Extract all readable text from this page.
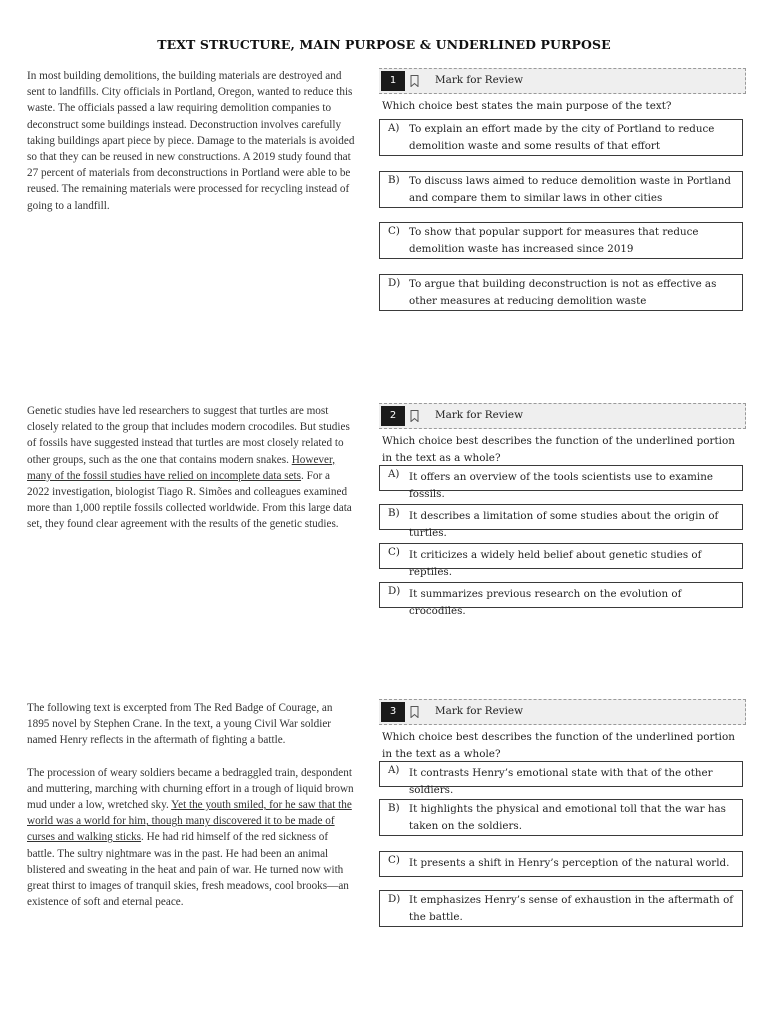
TEXT STRUCTURE, MAIN PURPOSE & UNDERLINED PURPOSE

In most building demolitions, the building materials are destroyed and sent to landfills. City officials in Portland, Oregon, wanted to reduce this waste. The officials passed a law requiring demolition companies to deconstruct some buildings instead. Deconstruction involves carefully taking buildings apart piece by piece. Damage to the materials is avoided so that they can be reused in new constructions. A 2019 study found that 27 percent of materials from deconstructions in Portland were able to be reused. The remaining materials were processed for recycling instead of going to a landfill.

1	Mark for Review
Which choice best states the main purpose of the text?
A) To explain an effort made by the city of Portland to reduce demolition waste and some results of that effort
B) To discuss laws aimed to reduce demolition waste in Portland and compare them to similar laws in other cities
C) To show that popular support for measures that reduce demolition waste has increased since 2019
D) To argue that building deconstruction is not as effective as other measures at reducing demolition waste

Genetic studies have led researchers to suggest that turtles are most closely related to the group that includes modern crocodiles. But studies of fossils have suggested instead that turtles are most closely related to other groups, such as the one that contains modern snakes. However, many of the fossil studies have relied on incomplete data sets. For a 2022 investigation, biologist Tiago R. Simões and colleagues examined more than 1,000 reptile fossils collected worldwide. From this large data set, they found clear agreement with the results of the genetic studies.

2	Mark for Review
Which choice best describes the function of the underlined portion in the text as a whole?
A) It offers an overview of the tools scientists use to examine fossils.
B) It describes a limitation of some studies about the origin of turtles.
C) It criticizes a widely held belief about genetic studies of reptiles.
D) It summarizes previous research on the evolution of crocodiles.

The following text is excerpted from The Red Badge of Courage, an 1895 novel by Stephen Crane. In the text, a young Civil War soldier named Henry reflects in the aftermath of fighting a battle.

The procession of weary soldiers became a bedraggled train, despondent and muttering, marching with churning effort in a trough of liquid brown mud under a low, wretched sky. Yet the youth smiled, for he saw that the world was a world for him, though many discovered it to be made of curses and walking sticks. He had rid himself of the red sickness of battle. The sultry nightmare was in the past. He had been an animal blistered and sweating in the heat and pain of war. He turned now with great thirst to images of tranquil skies, fresh meadows, cool brooks—an existence of soft and eternal peace.

3	Mark for Review
Which choice best describes the function of the underlined portion in the text as a whole?
A) It contrasts Henry’s emotional state with that of the other soldiers.
B) It highlights the physical and emotional toll that the war has taken on the soldiers.
C) It presents a shift in Henry’s perception of the natural world.
D) It emphasizes Henry’s sense of exhaustion in the aftermath of the battle.
